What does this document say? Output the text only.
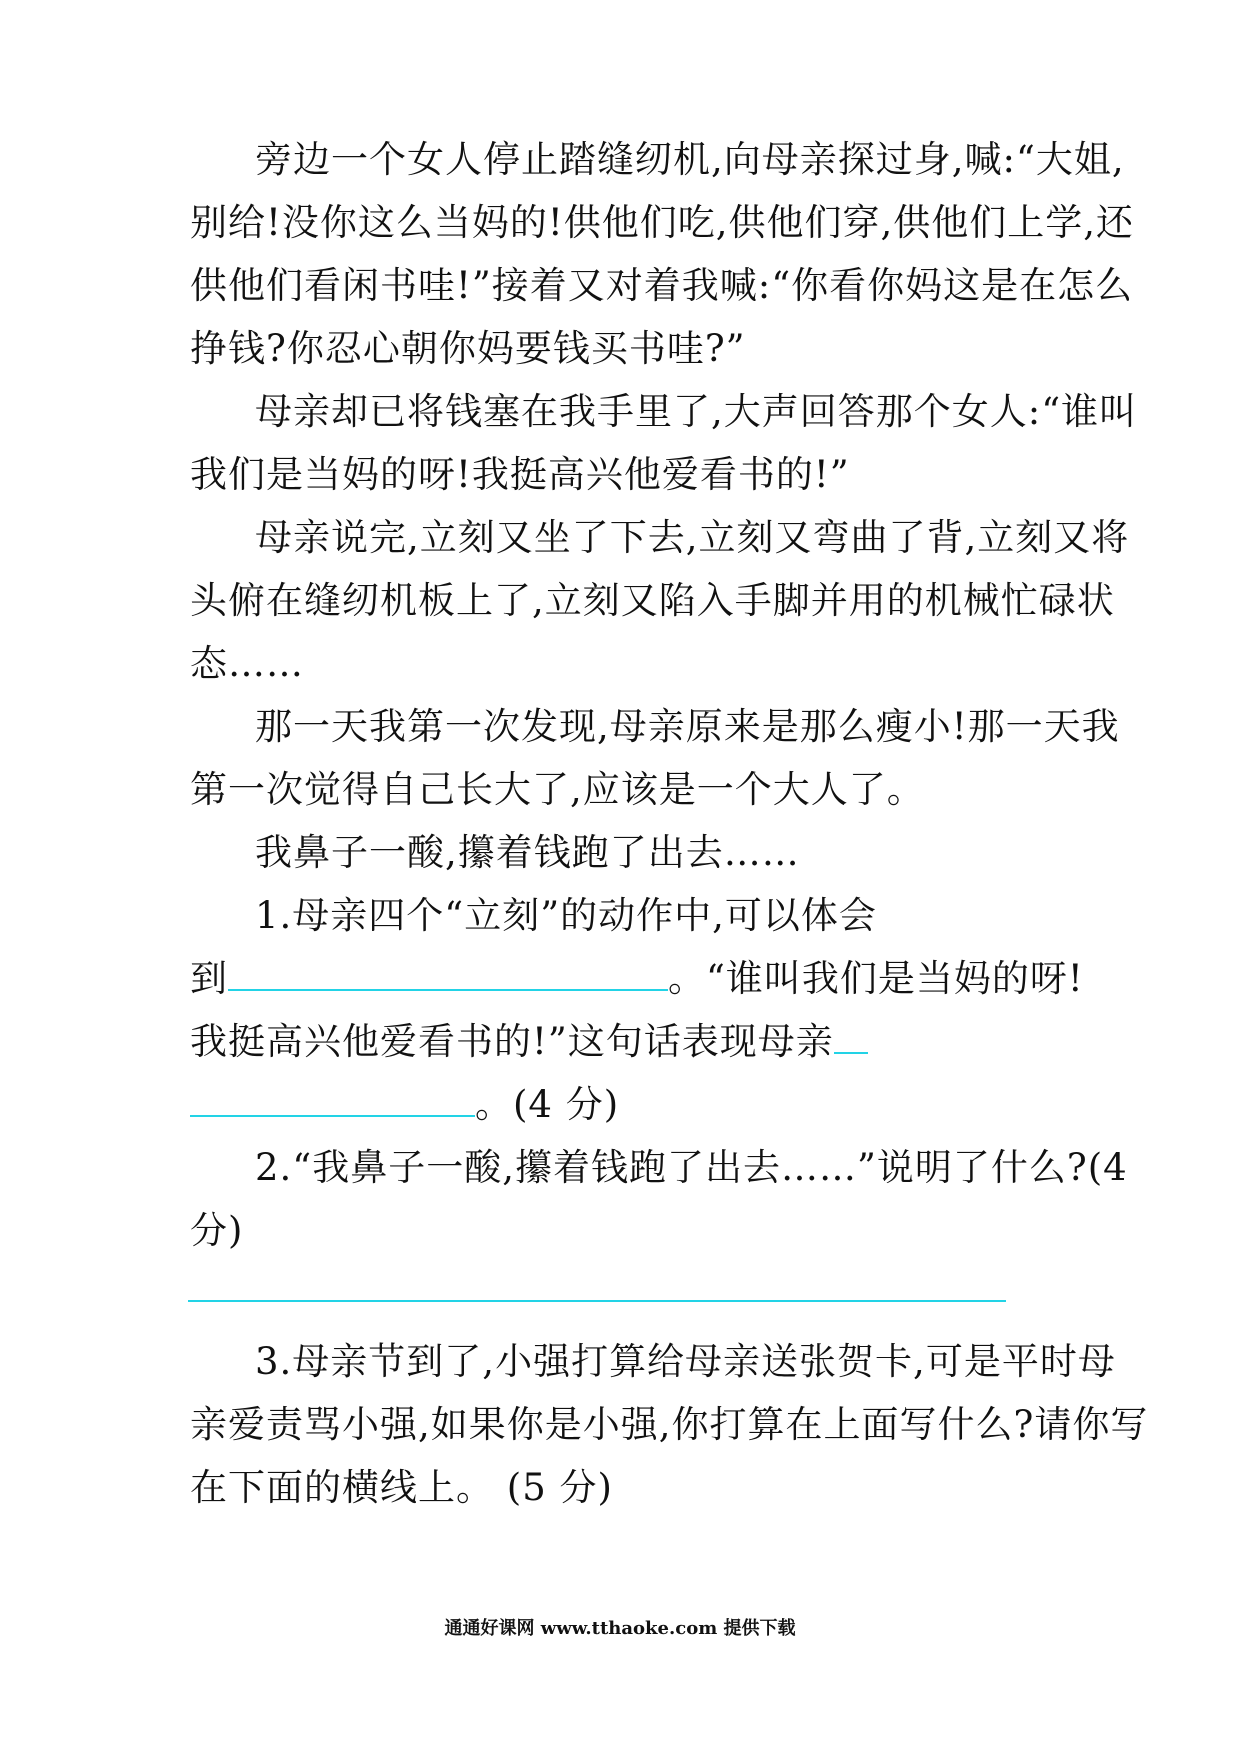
旁边一个女人停止踏缝纫机,向母亲探过身,喊:“大姐,
别给!没你这么当妈的!供他们吃,供他们穿,供他们上学,还
供他们看闲书哇!”接着又对着我喊:“你看你妈这是在怎么
挣钱?你忍心朝你妈要钱买书哇?”
母亲却已将钱塞在我手里了,大声回答那个女人:“谁叫
我们是当妈的呀!我挺高兴他爱看书的!”
母亲说完,立刻又坐了下去,立刻又弯曲了背,立刻又将
头俯在缝纫机板上了,立刻又陷入手脚并用的机械忙碌状
态……
那一天我第一次发现,母亲原来是那么瘦小!那一天我
第一次觉得自己长大了,应该是一个大人了。
我鼻子一酸,攥着钱跑了出去……
1.母亲四个“立刻”的动作中,可以体会
到	。“谁叫我们是当妈的呀!
我挺高兴他爱看书的!”这句话表现母亲
。(4 分)
2.“我鼻子一酸,攥着钱跑了出去……”说明了什么?(4
分)
3.母亲节到了,小强打算给母亲送张贺卡,可是平时母
亲爱责骂小强,如果你是小强,你打算在上面写什么?请你写
在下面的横线上。 (5 分)
通通好课网 www.tthaoke.com 提供下载
